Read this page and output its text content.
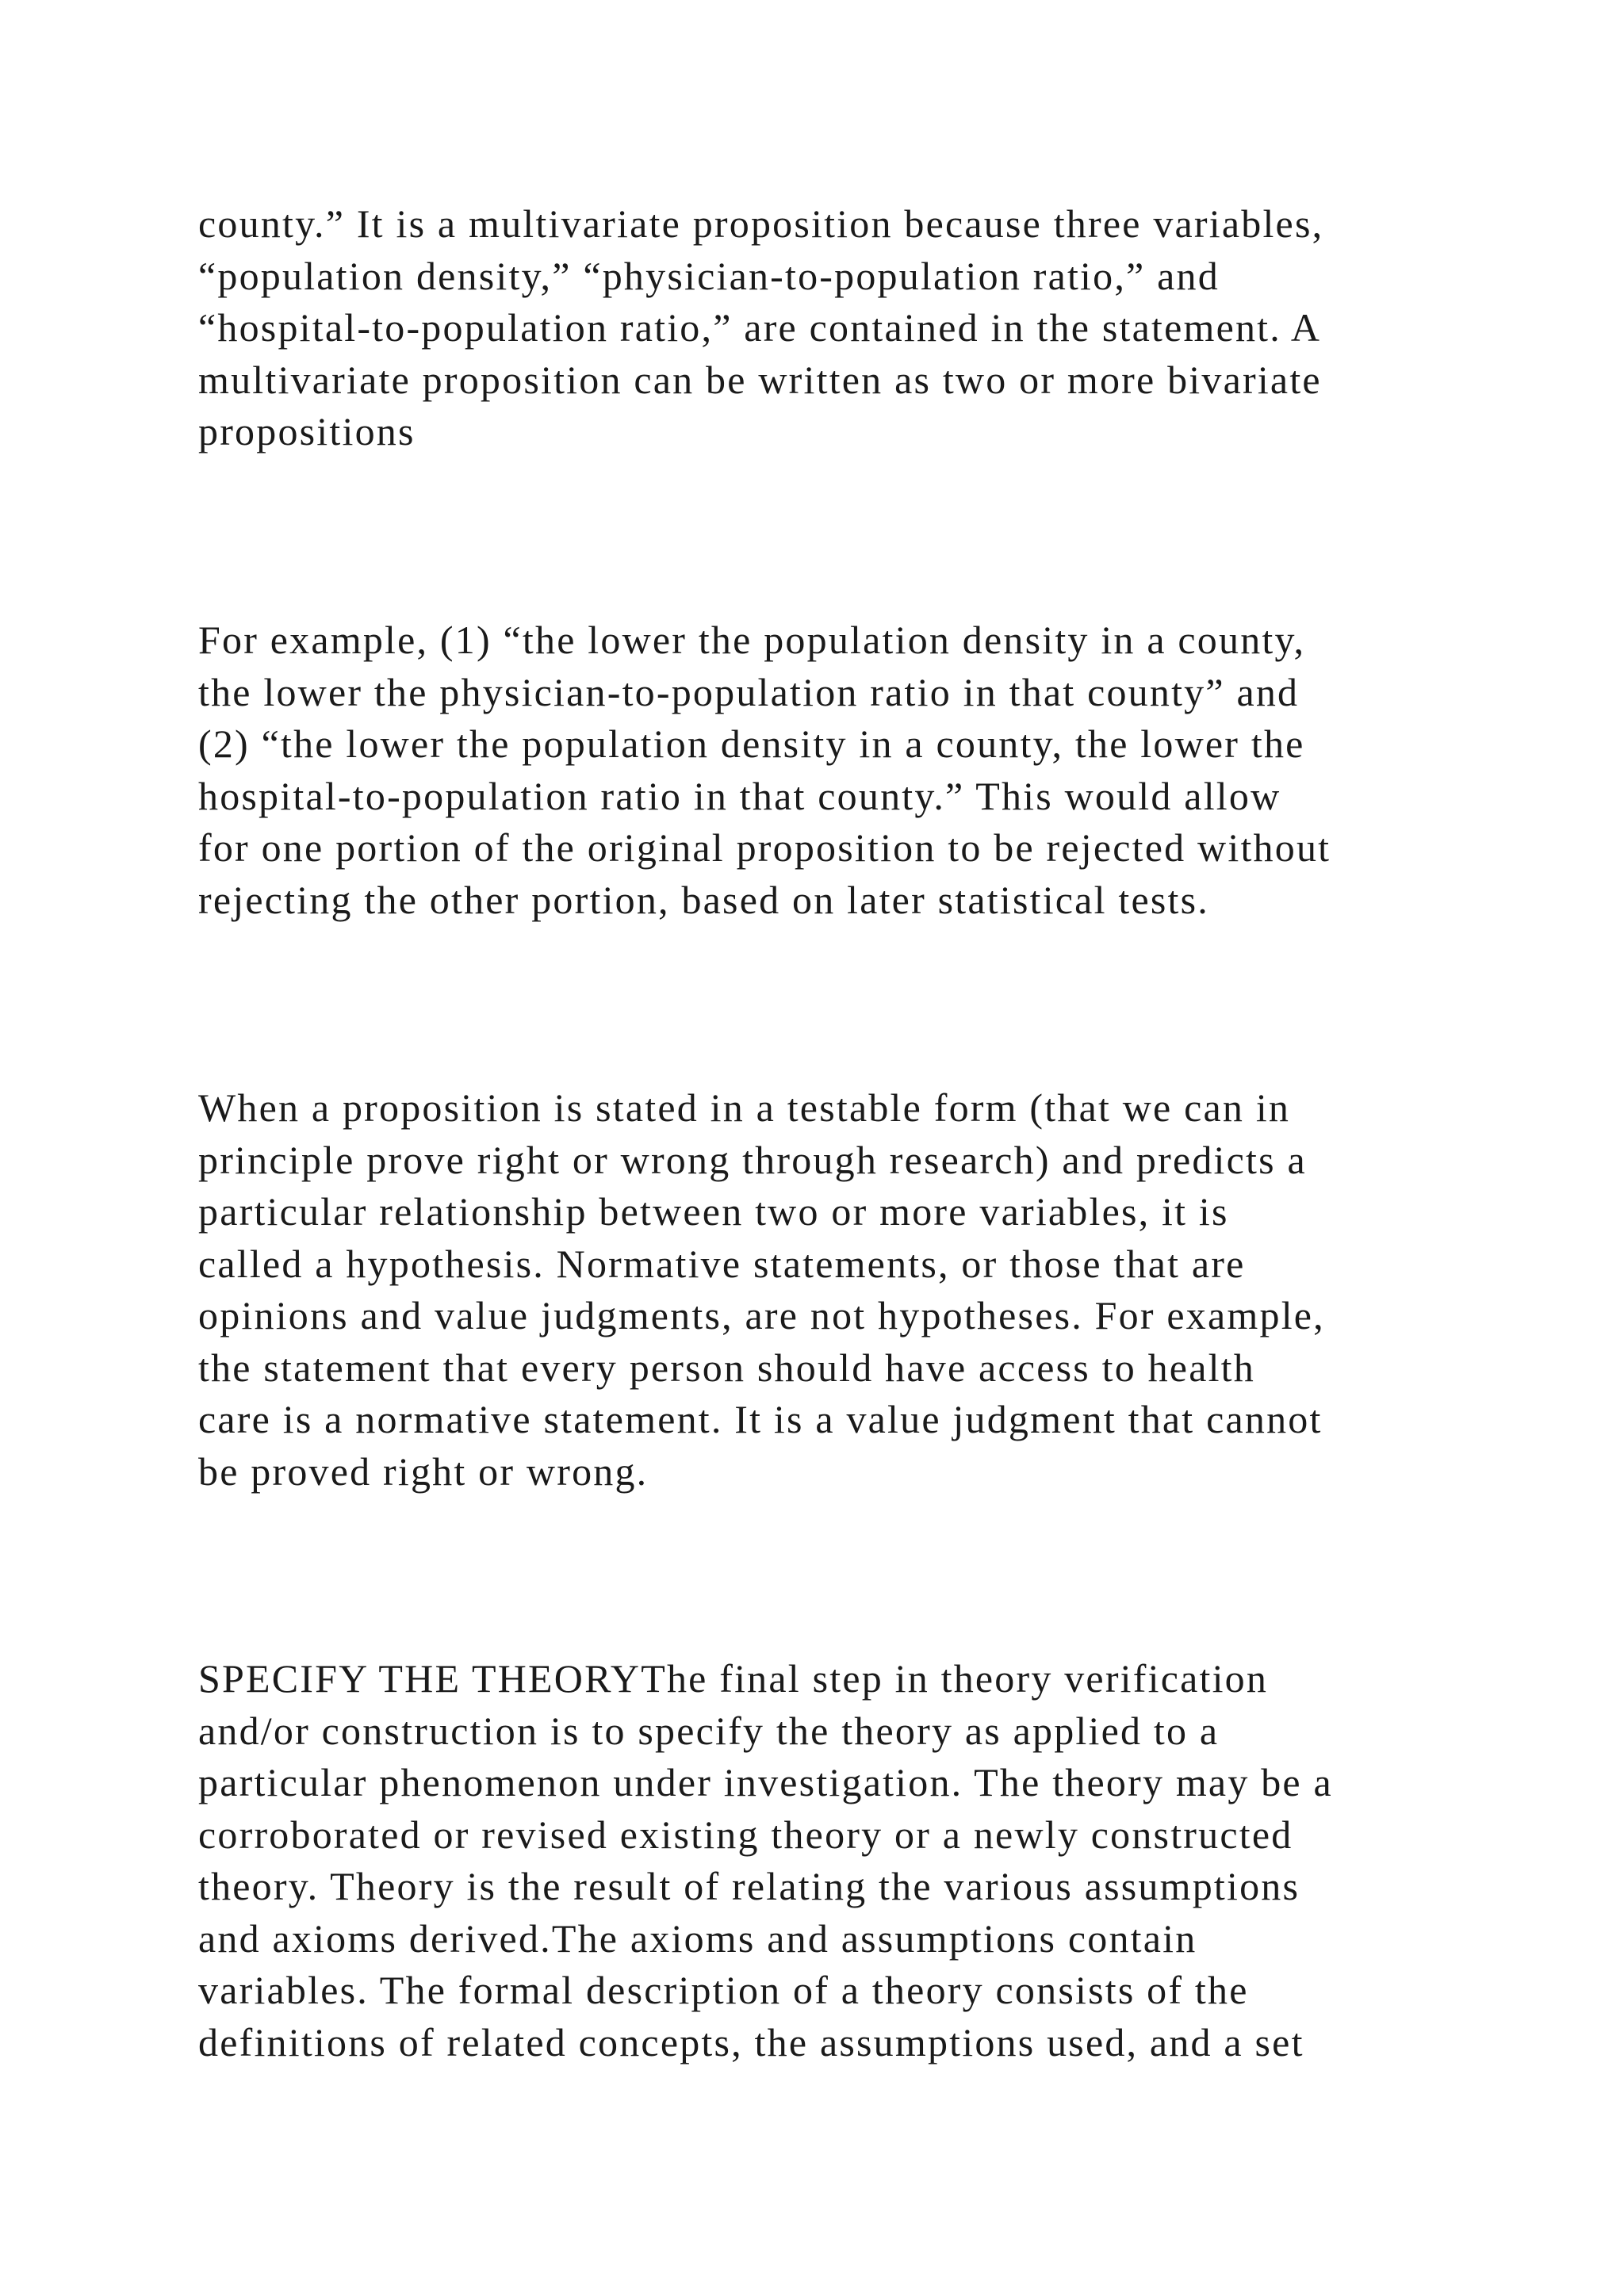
county.” It is a multivariate proposition because three variables,
“population density,” “physician-to-population ratio,” and
“hospital-to-population ratio,” are contained in the statement. A
multivariate proposition can be written as two or more bivariate
propositions

For example, (1) “the lower the population density in a county,
the lower the physician-to-population ratio in that county” and
(2) “the lower the population density in a county, the lower the
hospital-to-population ratio in that county.” This would allow
for one portion of the original proposition to be rejected without
rejecting the other portion, based on later statistical tests.

When a proposition is stated in a testable form (that we can in
principle prove right or wrong through research) and predicts a
particular relationship between two or more variables, it is
called a hypothesis. Normative statements, or those that are
opinions and value judgments, are not hypotheses. For example,
the statement that every person should have access to health
care is a normative statement. It is a value judgment that cannot
be proved right or wrong.

SPECIFY THE THEORYThe final step in theory verification
and/or construction is to specify the theory as applied to a
particular phenomenon under investigation. The theory may be a
corroborated or revised existing theory or a newly constructed
theory. Theory is the result of relating the various assumptions
and axioms derived.The axioms and assumptions contain
variables. The formal description of a theory consists of the
definitions of related concepts, the assumptions used, and a set
